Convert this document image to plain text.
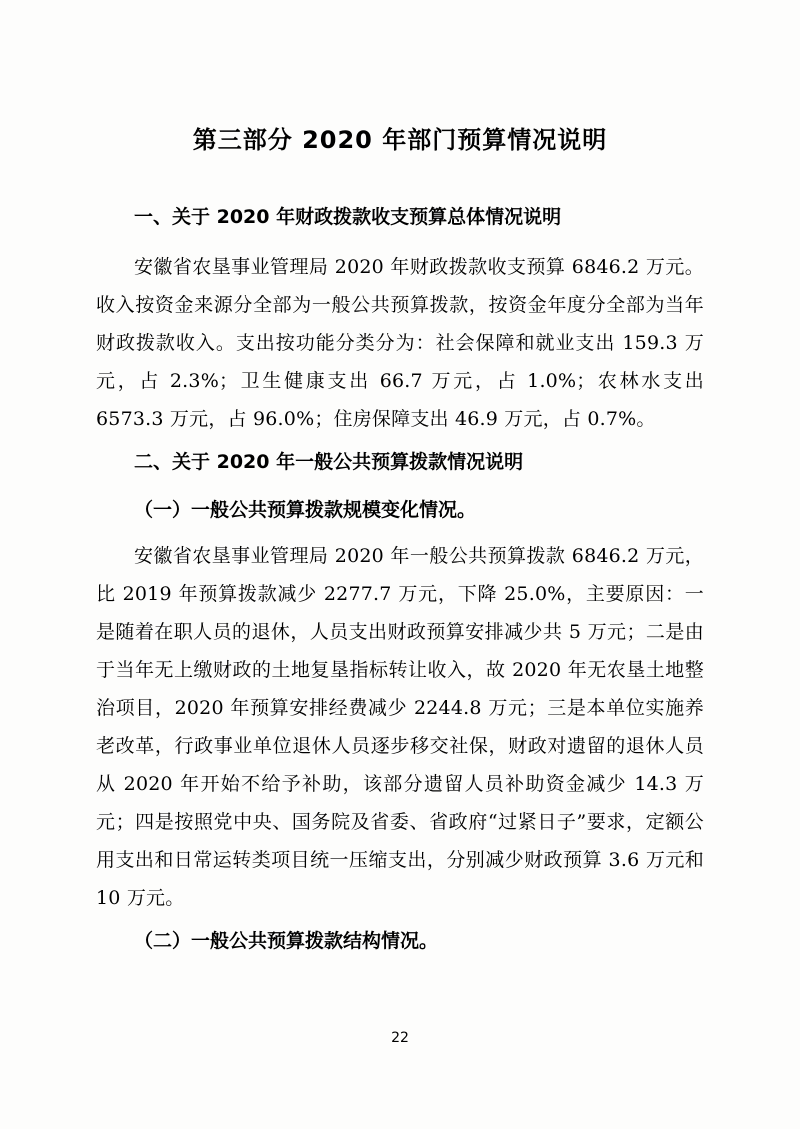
第三部分 2020 年部门预算情况说明
一、关于 2020 年财政拨款收支预算总体情况说明

安徽省农垦事业管理局 2020 年财政拨款收支预算 6846.2 万元。收入按资金来源分全部为一般公共预算拨款，按资金年度分全部为当年财政拨款收入。支出按功能分类分为：社会保障和就业支出 159.3 万元，占 2.3%；卫生健康支出 66.7 万元，占 1.0%；农林水支出 6573.3 万元，占 96.0%；住房保障支出 46.9 万元，占 0.7%。

二、关于 2020 年一般公共预算拨款情况说明
（一）一般公共预算拨款规模变化情况。

安徽省农垦事业管理局 2020 年一般公共预算拨款 6846.2 万元，比 2019 年预算拨款减少 2277.7 万元，下降 25.0%，主要原因：一是随着在职人员的退休，人员支出财政预算安排减少共 5 万元；二是由于当年无上缴财政的土地复垦指标转让收入，故 2020 年无农垦土地整治项目，2020 年预算安排经费减少 2244.8 万元；三是本单位实施养老改革，行政事业单位退休人员逐步移交社保，财政对遗留的退休人员从 2020 年开始不给予补助，该部分遗留人员补助资金减少 14.3 万元；四是按照党中央、国务院及省委、省政府“过紧日子”要求，定额公用支出和日常运转类项目统一压缩支出，分别减少财政预算 3.6 万元和 10 万元。

（二）一般公共预算拨款结构情况。
22
